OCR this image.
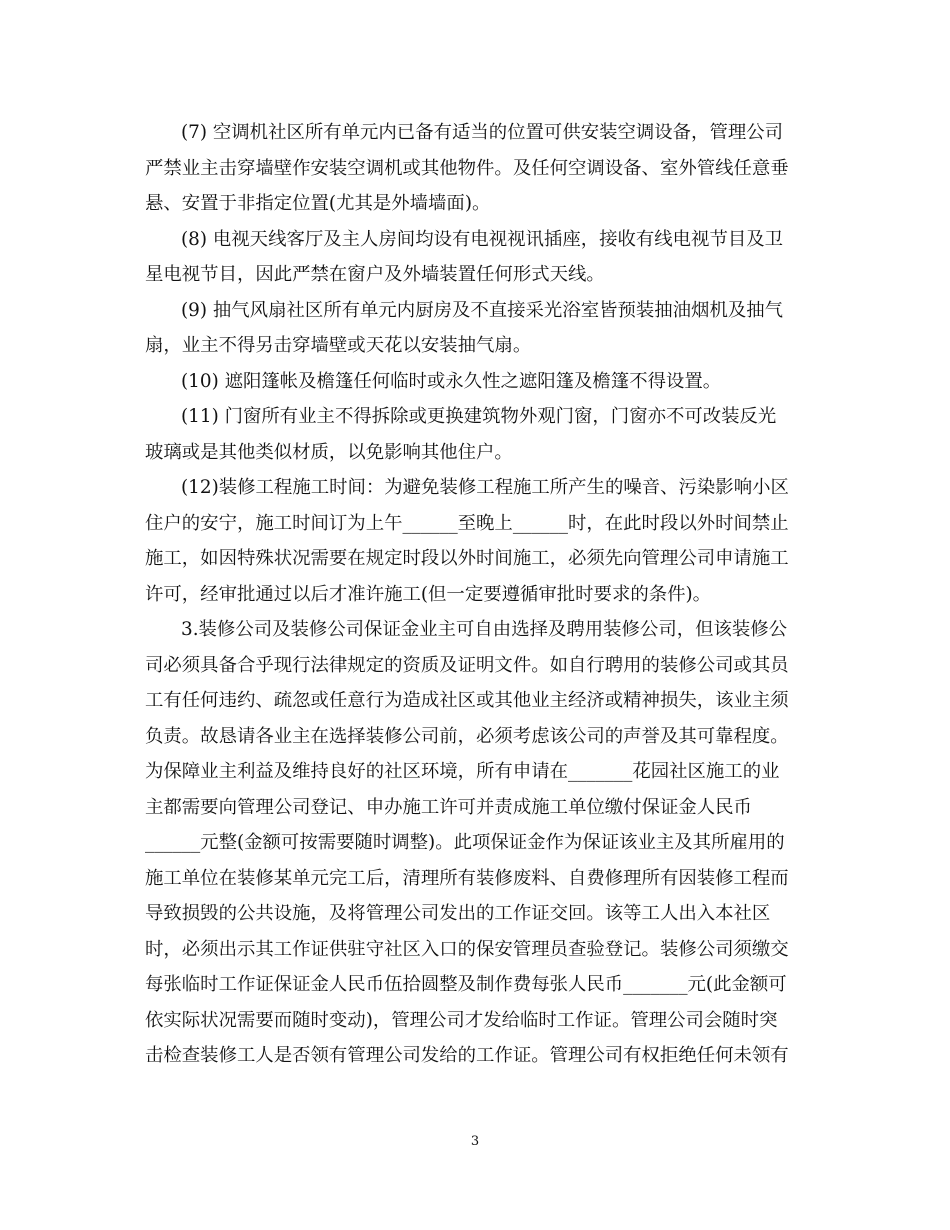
(7) 空调机社区所有单元内已备有适当的位置可供安装空调设备，管理公司
严禁业主击穿墙壁作安装空调机或其他物件。及任何空调设备、室外管线任意垂
悬、安置于非指定位置(尤其是外墙墙面)。
(8) 电视天线客厅及主人房间均设有电视视讯插座，接收有线电视节目及卫
星电视节目，因此严禁在窗户及外墙装置任何形式天线。
(9) 抽气风扇社区所有单元内厨房及不直接采光浴室皆预装抽油烟机及抽气
扇，业主不得另击穿墙壁或天花以安装抽气扇。
(10) 遮阳篷帐及檐篷任何临时或永久性之遮阳篷及檐篷不得设置。
(11) 门窗所有业主不得拆除或更换建筑物外观门窗，门窗亦不可改装反光
玻璃或是其他类似材质，以免影响其他住户。
(12)装修工程施工时间：为避免装修工程施工所产生的噪音、污染影响小区
住户的安宁，施工时间订为上午______至晚上______时，在此时段以外时间禁止
施工，如因特殊状况需要在规定时段以外时间施工，必须先向管理公司申请施工
许可，经审批通过以后才准许施工(但一定要遵循审批时要求的条件)。
3.装修公司及装修公司保证金业主可自由选择及聘用装修公司，但该装修公
司必须具备合乎现行法律规定的资质及证明文件。如自行聘用的装修公司或其员
工有任何违约、疏忽或任意行为造成社区或其他业主经济或精神损失，该业主须
负责。故恳请各业主在选择装修公司前，必须考虑该公司的声誉及其可靠程度。
为保障业主利益及维持良好的社区环境，所有申请在_______花园社区施工的业
主都需要向管理公司登记、申办施工许可并责成施工单位缴付保证金人民币
______元整(金额可按需要随时调整)。此项保证金作为保证该业主及其所雇用的
施工单位在装修某单元完工后，清理所有装修废料、自费修理所有因装修工程而
导致损毁的公共设施，及将管理公司发出的工作证交回。该等工人出入本社区
时，必须出示其工作证供驻守社区入口的保安管理员查验登记。装修公司须缴交
每张临时工作证保证金人民币伍拾圆整及制作费每张人民币_______元(此金额可
依实际状况需要而随时变动)，管理公司才发给临时工作证。管理公司会随时突
击检查装修工人是否领有管理公司发给的工作证。管理公司有权拒绝任何未领有
3
